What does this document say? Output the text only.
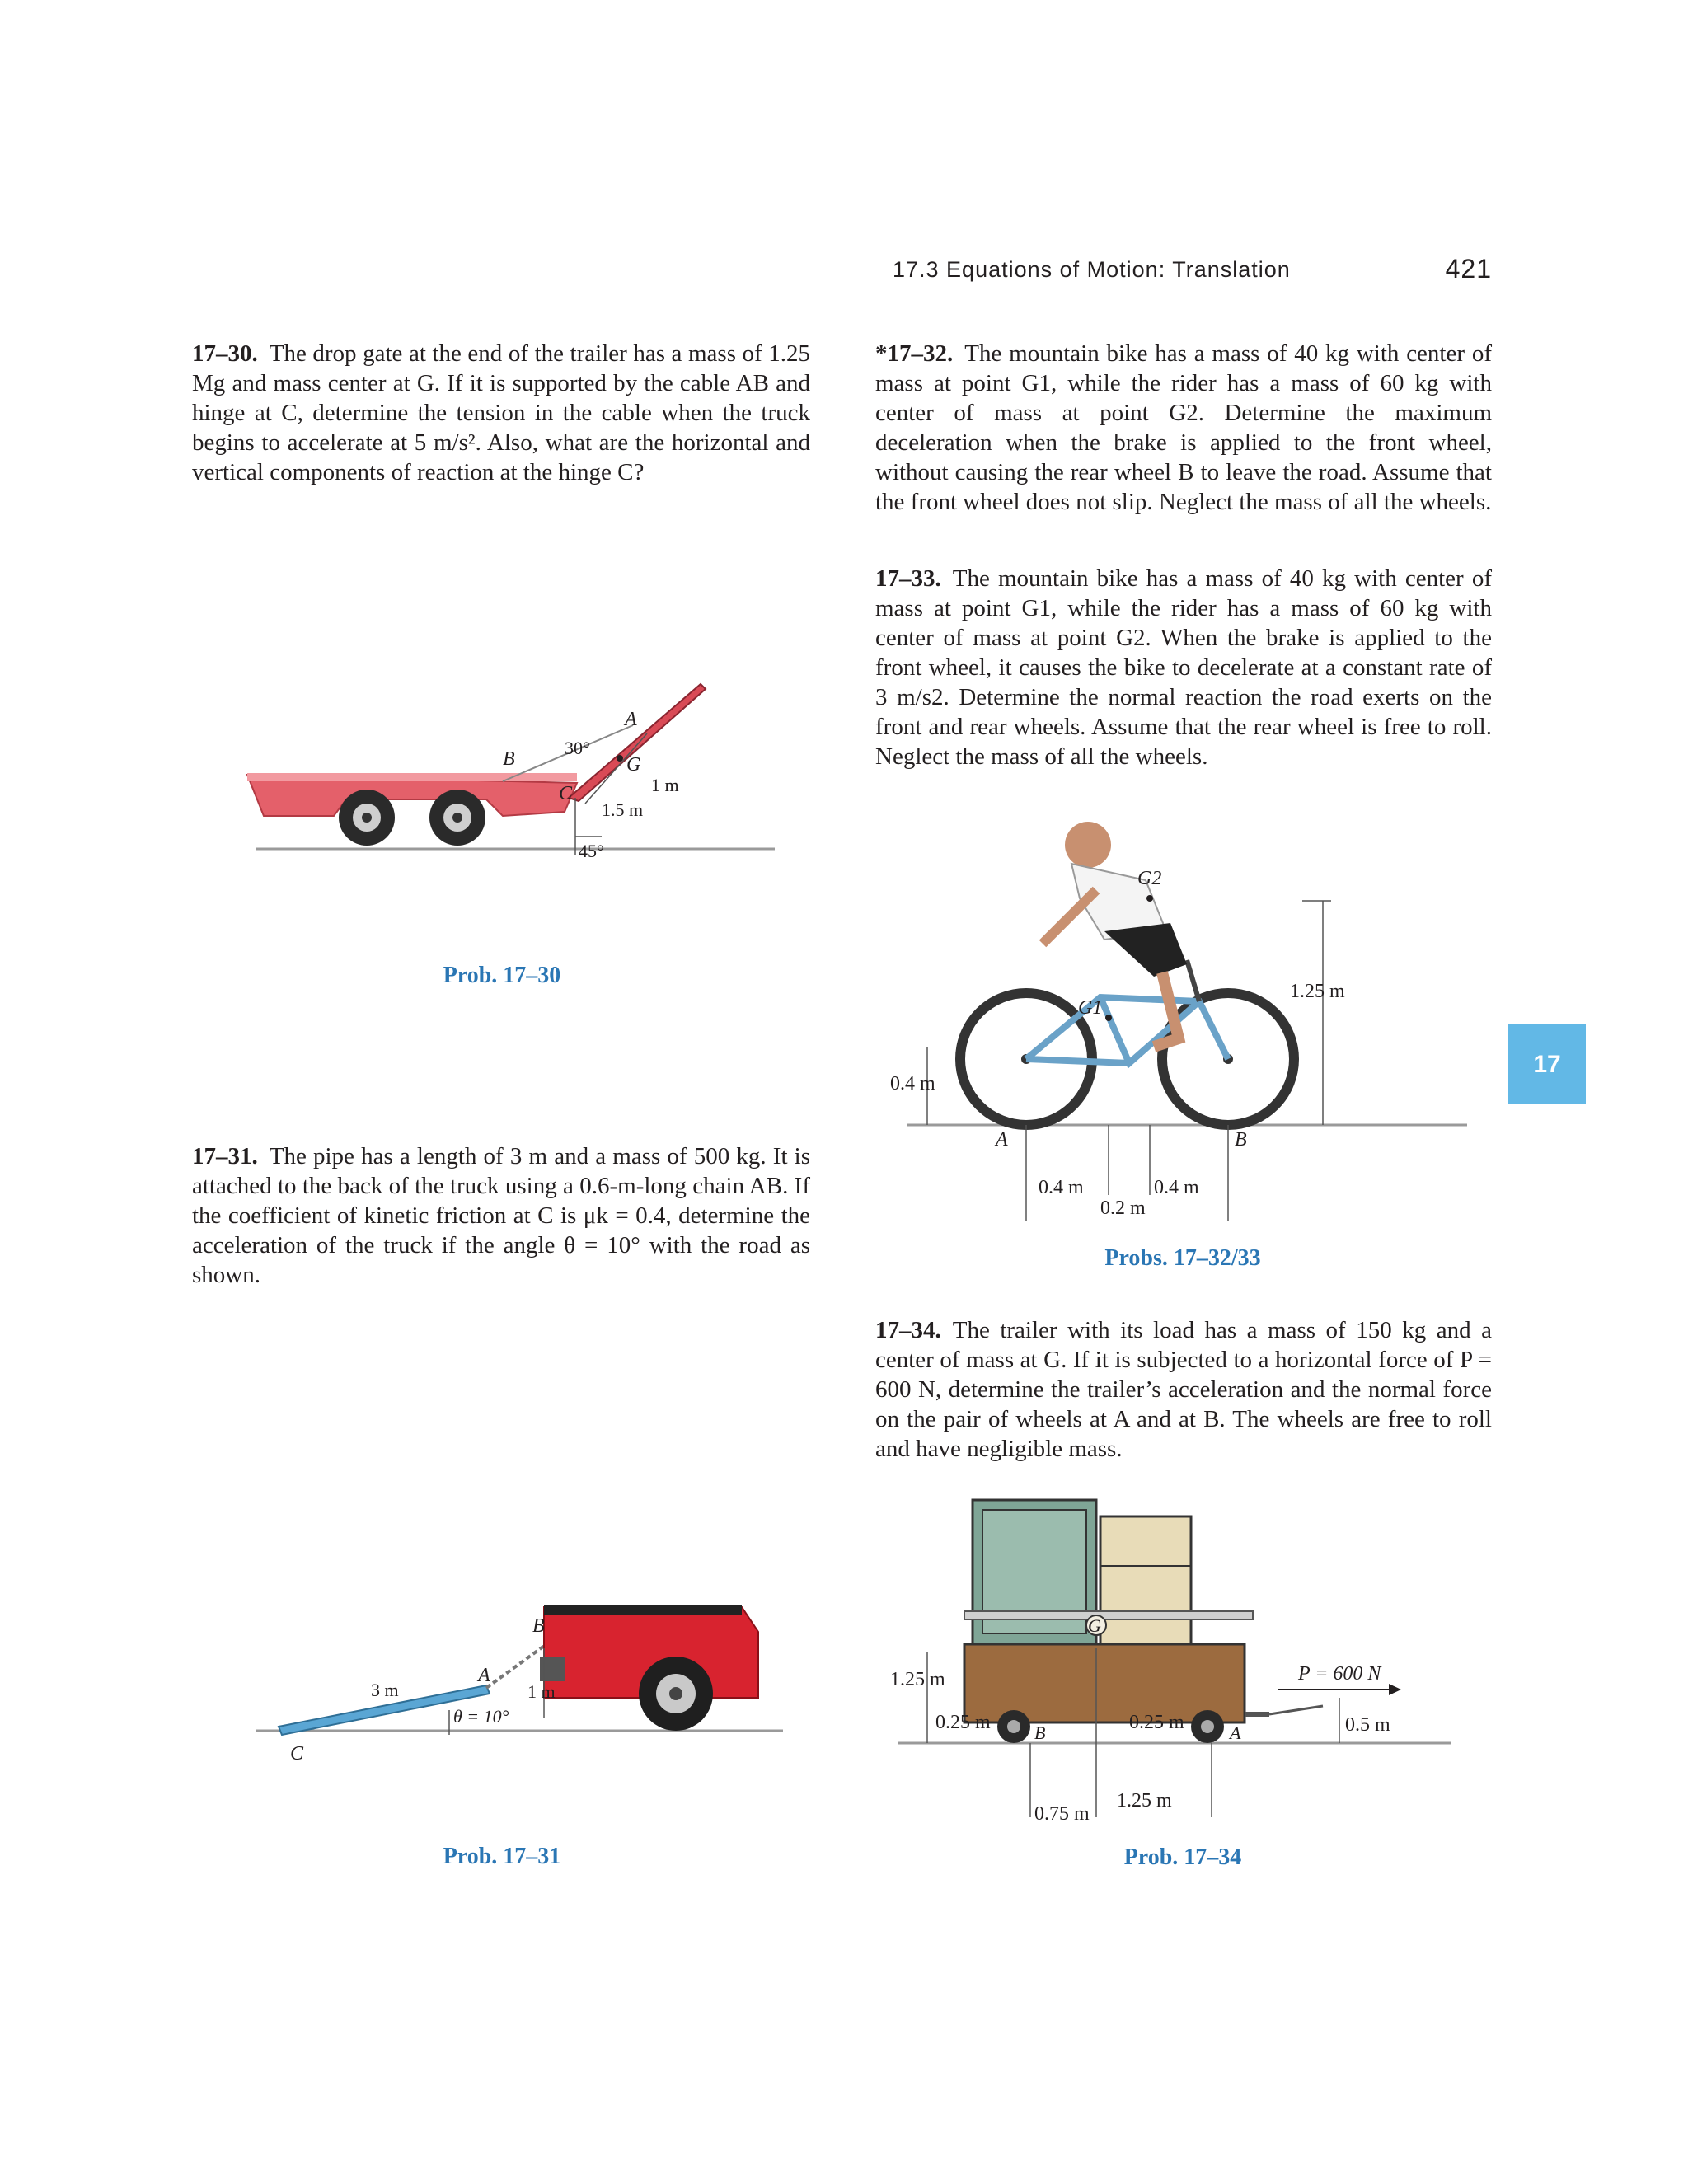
17.3 Equations of Motion: Translation	421
17
17–30. The drop gate at the end of the trailer has a mass of 1.25 Mg and mass center at G. If it is supported by the cable AB and hinge at C, determine the tension in the cable when the truck begins to accelerate at 5 m/s². Also, what are the horizontal and vertical components of reaction at the hinge C?
B
A
C
G
30°
45°
1 m
1.5 m
Prob. 17–30
17–31. The pipe has a length of 3 m and a mass of 500 kg. It is attached to the back of the truck using a 0.6-m-long chain AB. If the coefficient of kinetic friction at C is μk = 0.4, determine the acceleration of the truck if the angle θ = 10° with the road as shown.
C
A
B
3 m	1 m
θ = 10°
Prob. 17–31
*17–32. The mountain bike has a mass of 40 kg with center of mass at point G1, while the rider has a mass of 60 kg with center of mass at point G2. Determine the maximum deceleration when the brake is applied to the front wheel, without causing the rear wheel B to leave the road. Assume that the front wheel does not slip. Neglect the mass of all the wheels.
17–33. The mountain bike has a mass of 40 kg with center of mass at point G1, while the rider has a mass of 60 kg with center of mass at point G2. When the brake is applied to the front wheel, it causes the bike to decelerate at a constant rate of 3 m/s2. Determine the normal reaction the road exerts on the front and rear wheels. Assume that the rear wheel is free to roll. Neglect the mass of all the wheels.
G2
G1
A	B
1.25 m
0.4 m
0.4 m
0.2 m
0.4 m
Probs. 17–32/33
17–34. The trailer with its load has a mass of 150 kg and a center of mass at G. If it is subjected to a horizontal force of P = 600 N, determine the trailer’s acceleration and the normal force on the pair of wheels at A and at B. The wheels are free to roll and have negligible mass.
G
B	A
P = 600 N
1.25 m
0.5 m
0.25 m	0.25 m
0.75 m
1.25 m
Prob. 17–34
